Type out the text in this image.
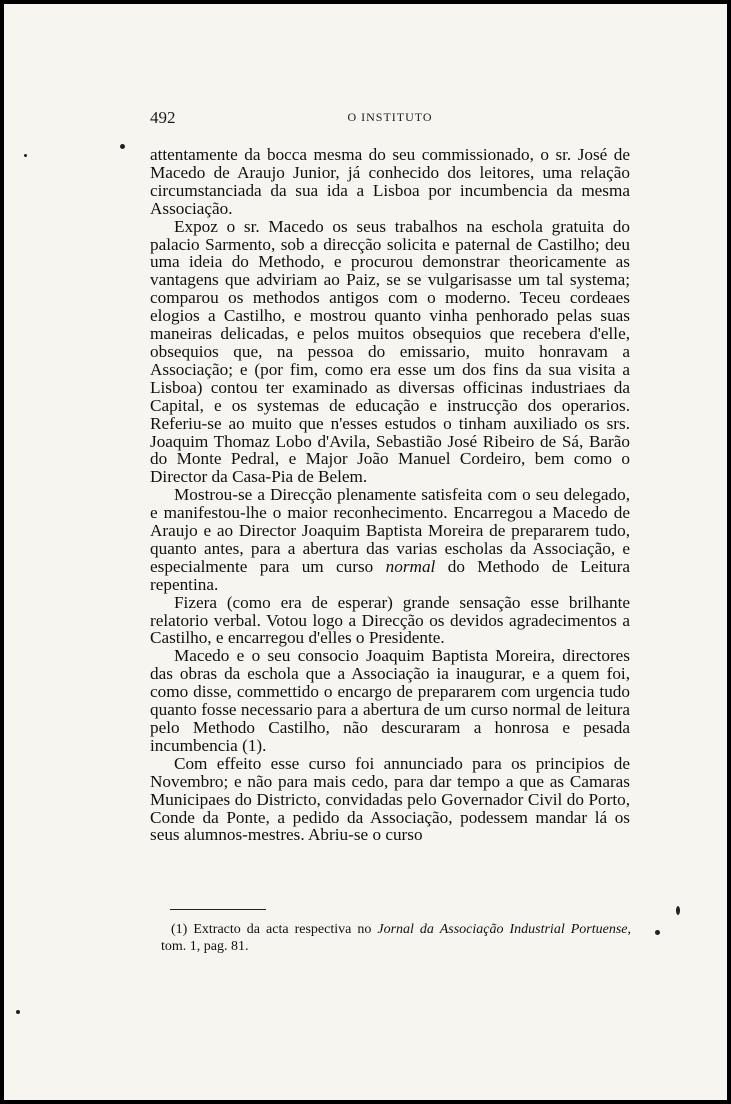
492	O INSTITUTO

attentamente da bocca mesma do seu commissionado, o sr. José de Macedo de Araujo Junior, já conhecido dos leitores, uma relação circumstanciada da sua ida a Lisboa por incumbencia da mesma Associação.

Expoz o sr. Macedo os seus trabalhos na eschola gratuita do palacio Sarmento, sob a direcção solicita e paternal de Castilho; deu uma ideia do Methodo, e procurou demonstrar theoricamente as vantagens que adviriam ao Paiz, se se vulgarisasse um tal systema; comparou os methodos antigos com o moderno. Teceu cordeaes elogios a Castilho, e mostrou quanto vinha penhorado pelas suas maneiras delicadas, e pelos muitos obsequios que recebera d'elle, obsequios que, na pessoa do emissario, muito honravam a Associação; e (por fim, como era esse um dos fins da sua visita a Lisboa) contou ter examinado as diversas officinas industriaes da Capital, e os systemas de educação e instrucção dos operarios. Referiu-se ao muito que n'esses estudos o tinham auxiliado os srs. Joaquim Thomaz Lobo d'Avila, Sebastião José Ribeiro de Sá, Barão do Monte Pedral, e Major João Manuel Cordeiro, bem como o Director da Casa-Pia de Belem.

Mostrou-se a Direcção plenamente satisfeita com o seu delegado, e manifestou-lhe o maior reconhecimento. Encarregou a Macedo de Araujo e ao Director Joaquim Baptista Moreira de prepararem tudo, quanto antes, para a abertura das varias escholas da Associação, e especialmente para um curso normal do Methodo de Leitura repentina.

Fizera (como era de esperar) grande sensação esse brilhante relatorio verbal. Votou logo a Direcção os devidos agradecimentos a Castilho, e encarregou d'elles o Presidente.

Macedo e o seu consocio Joaquim Baptista Moreira, directores das obras da eschola que a Associação ia inaugurar, e a quem foi, como disse, commettido o encargo de prepararem com urgencia tudo quanto fosse necessario para a abertura de um curso normal de leitura pelo Methodo Castilho, não descuraram a honrosa e pesada incumbencia (1).

Com effeito esse curso foi annunciado para os principios de Novembro; e não para mais cedo, para dar tempo a que as Camaras Municipaes do Districto, convidadas pelo Governador Civil do Porto, Conde da Ponte, a pedido da Associação, podessem mandar lá os seus alumnos-mestres. Abriu-se o curso

(1) Extracto da acta respectiva no Jornal da Associação Industrial Portuense, tom. 1, pag. 81.
